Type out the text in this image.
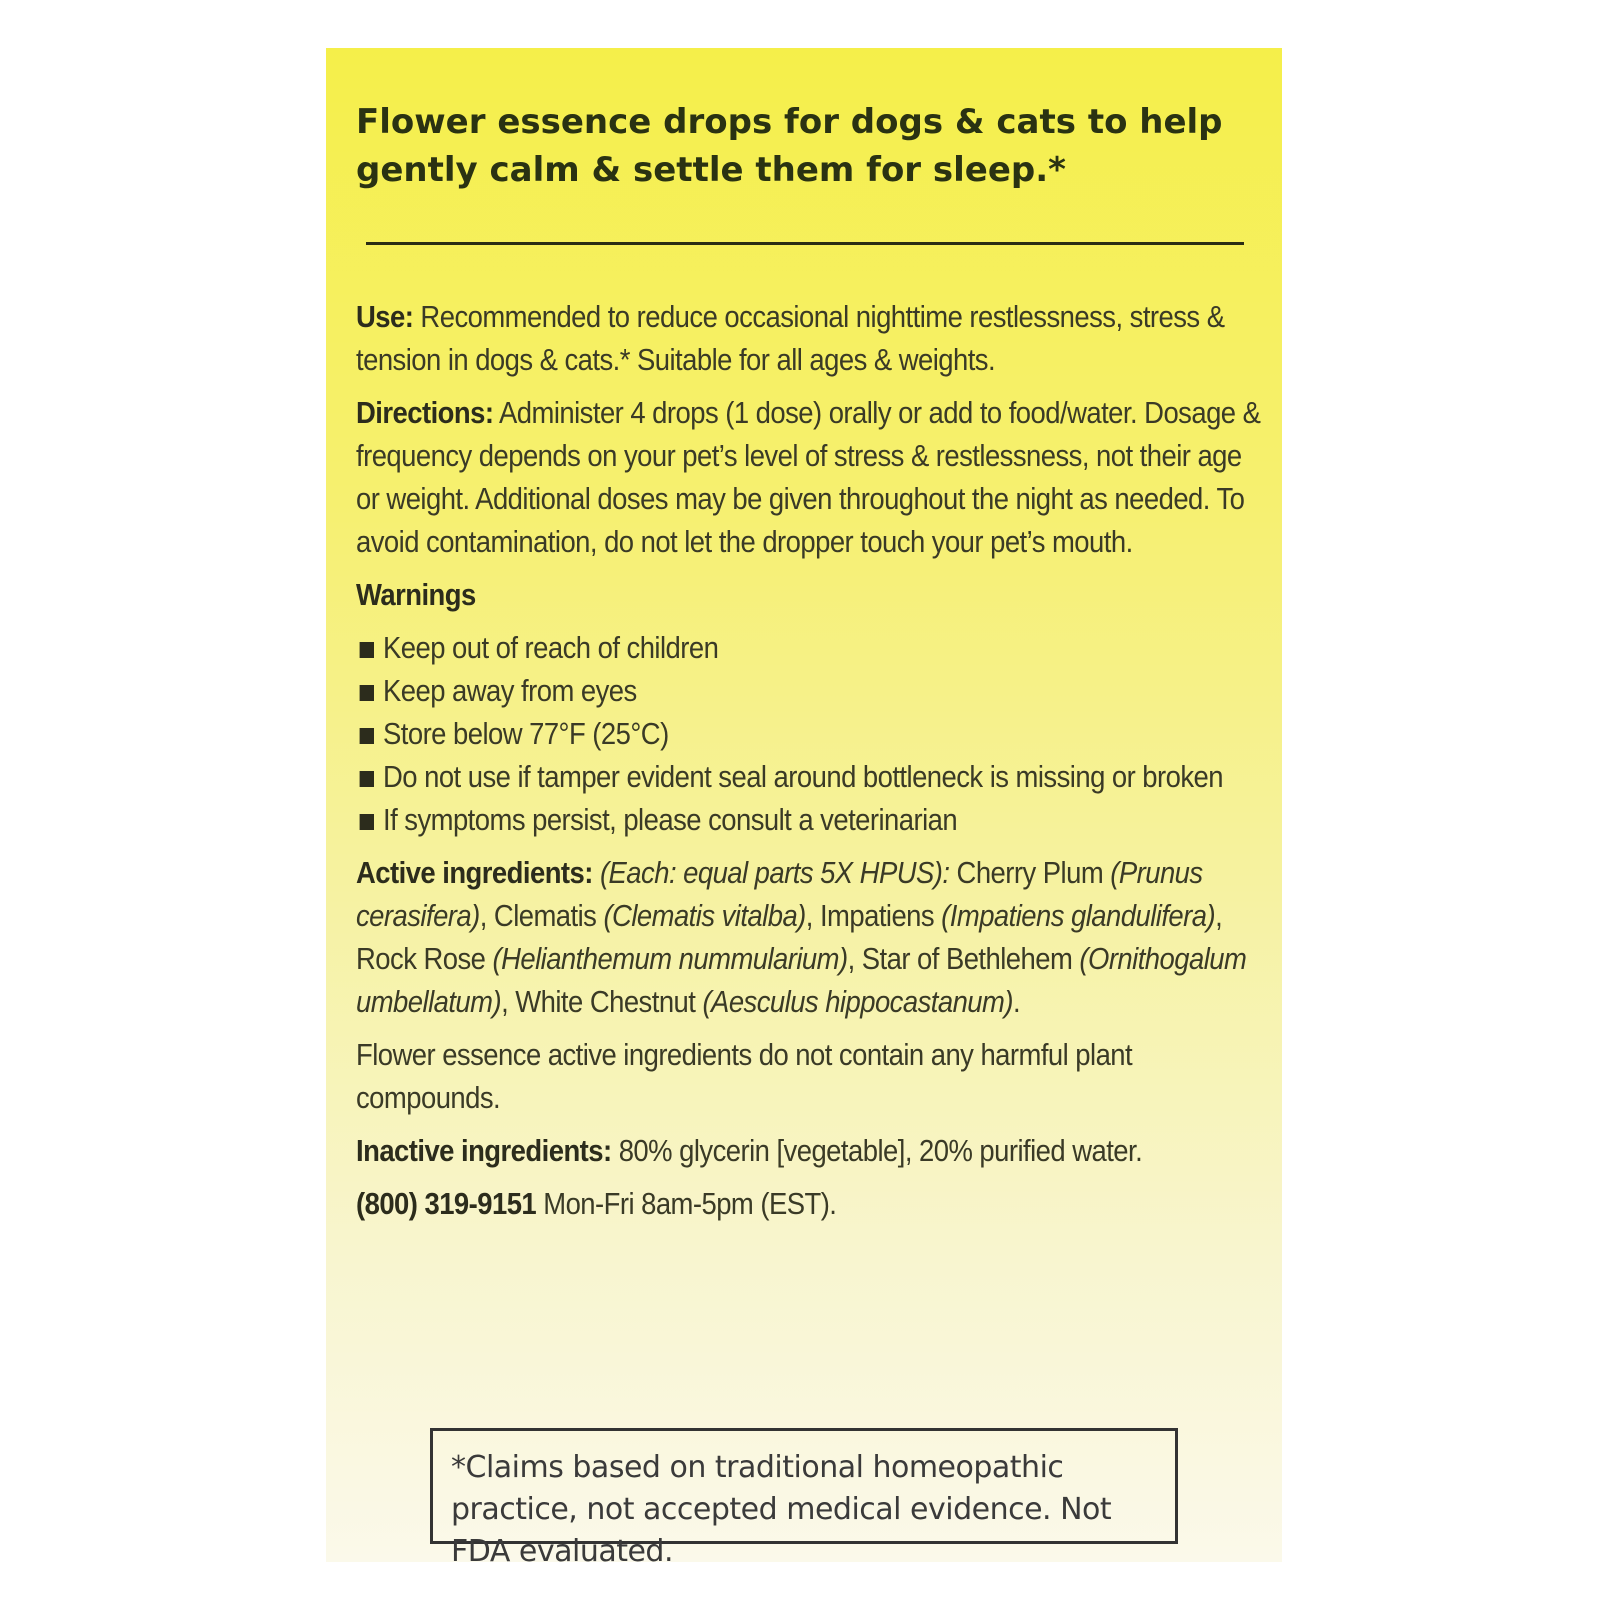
Flower essence drops for dogs & cats to help gently calm & settle them for sleep.*

Use: Recommended to reduce occasional nighttime restlessness, stress & tension in dogs & cats.* Suitable for all ages & weights.

Directions: Administer 4 drops (1 dose) orally or add to food/water. Dosage & frequency depends on your pet’s level of stress & restlessness, not their age or weight. Additional doses may be given throughout the night as needed. To avoid contamination, do not let the dropper touch your pet’s mouth.

Warnings

Keep out of reach of children
Keep away from eyes
Store below 77°F (25°C)
Do not use if tamper evident seal around bottleneck is missing or broken
If symptoms persist, please consult a veterinarian

Active ingredients: (Each: equal parts 5X HPUS): Cherry Plum (Prunus cerasifera), Clematis (Clematis vitalba), Impatiens (Impatiens glandulifera), Rock Rose (Helianthemum nummularium), Star of Bethlehem (Ornithogalum umbellatum), White Chestnut (Aesculus hippocastanum).

Flower essence active ingredients do not contain any harmful plant compounds.

Inactive ingredients: 80% glycerin [vegetable], 20% purified water.

(800) 319-9151 Mon-Fri 8am-5pm (EST).

*Claims based on traditional homeopathic practice, not accepted medical evidence. Not FDA evaluated.
